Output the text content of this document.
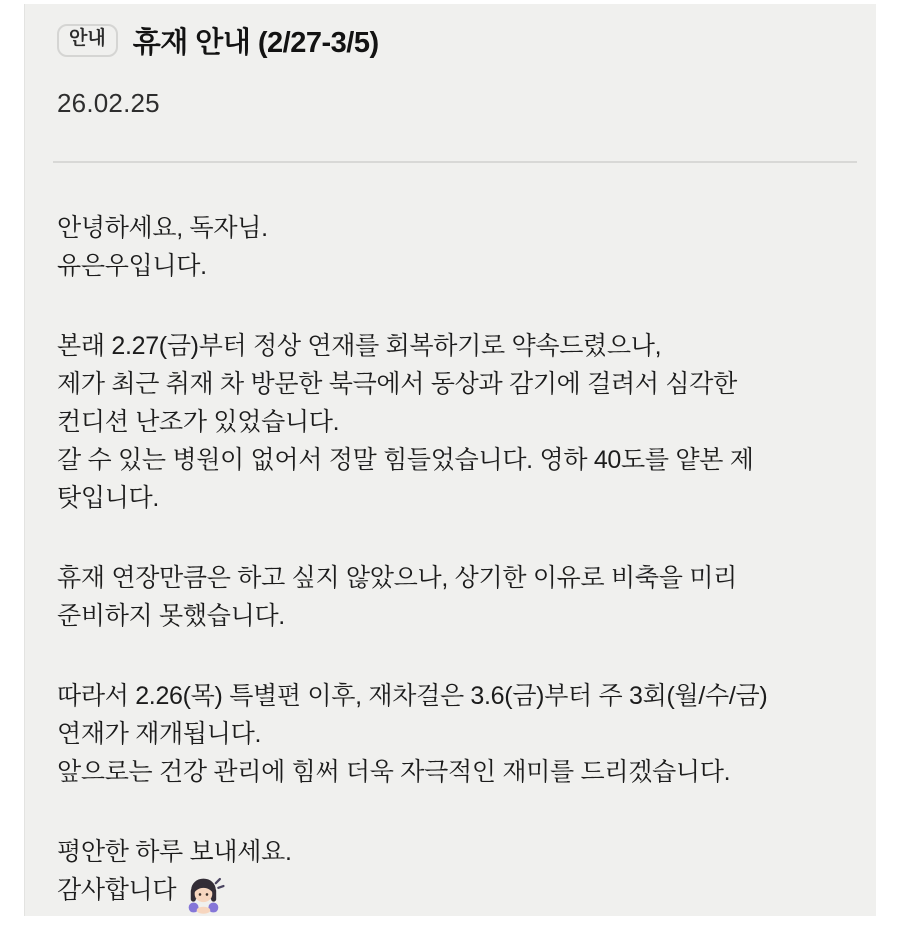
안내 휴재 안내 (2/27-3/5)
26.02.25
안녕하세요, 독자님.
유은우입니다.
본래 2.27(금)부터 정상 연재를 회복하기로 약속드렸으나,
제가 최근 취재 차 방문한 북극에서 동상과 감기에 걸려서 심각한
컨디션 난조가 있었습니다.
갈 수 있는 병원이 없어서 정말 힘들었습니다. 영하 40도를 얕본 제
탓입니다.
휴재 연장만큼은 하고 싶지 않았으나, 상기한 이유로 비축을 미리
준비하지 못했습니다.
따라서 2.26(목) 특별편 이후, 재차걸은 3.6(금)부터 주 3회(월/수/금)
연재가 재개됩니다.
앞으로는 건강 관리에 힘써 더욱 자극적인 재미를 드리겠습니다.
평안한 하루 보내세요.
감사합니다
